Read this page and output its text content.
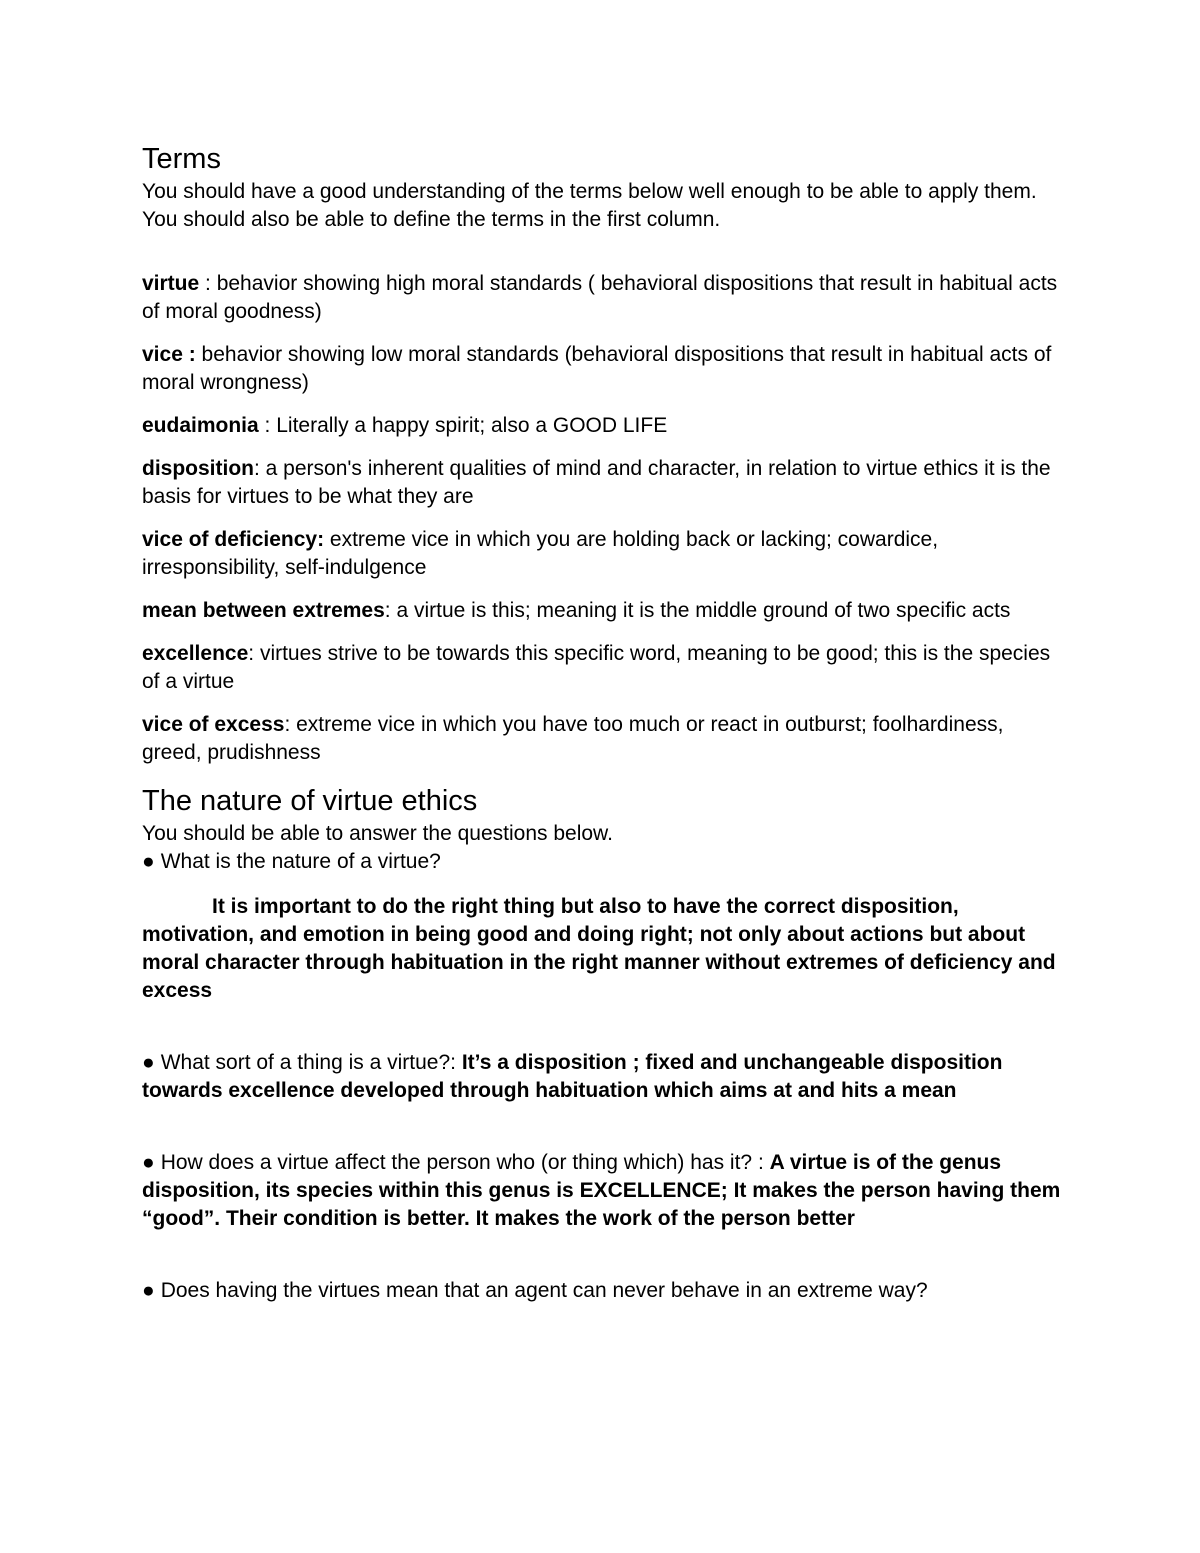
Terms

You should have a good understanding of the terms below well enough to be able to apply them. You should also be able to define the terms in the first column.

virtue : behavior showing high moral standards ( behavioral dispositions that result in habitual acts of moral goodness)

vice : behavior showing low moral standards (behavioral dispositions that result in habitual acts of moral wrongness)

eudaimonia : Literally a happy spirit; also a GOOD LIFE

disposition: a person's inherent qualities of mind and character, in relation to virtue ethics it is the basis for virtues to be what they are

vice of deficiency: extreme vice in which you are holding back or lacking; cowardice, irresponsibility, self-indulgence

mean between extremes: a virtue is this; meaning it is the middle ground of two specific acts

excellence: virtues strive to be towards this specific word, meaning to be good; this is the species of a virtue

vice of excess: extreme vice in which you have too much or react in outburst; foolhardiness, greed, prudishness

The nature of virtue ethics

You should be able to answer the questions below.

● What is the nature of a virtue?

It is important to do the right thing but also to have the correct disposition, motivation, and emotion in being good and doing right; not only about actions but about moral character through habituation in the right manner without extremes of deficiency and excess

● What sort of a thing is a virtue?: It’s a disposition ; fixed and unchangeable disposition towards excellence developed through habituation which aims at and hits a mean

● How does a virtue affect the person who (or thing which) has it? : A virtue is of the genus disposition, its species within this genus is EXCELLENCE; It makes the person having them “good”. Their condition is better. It makes the work of the person better

● Does having the virtues mean that an agent can never behave in an extreme way?
